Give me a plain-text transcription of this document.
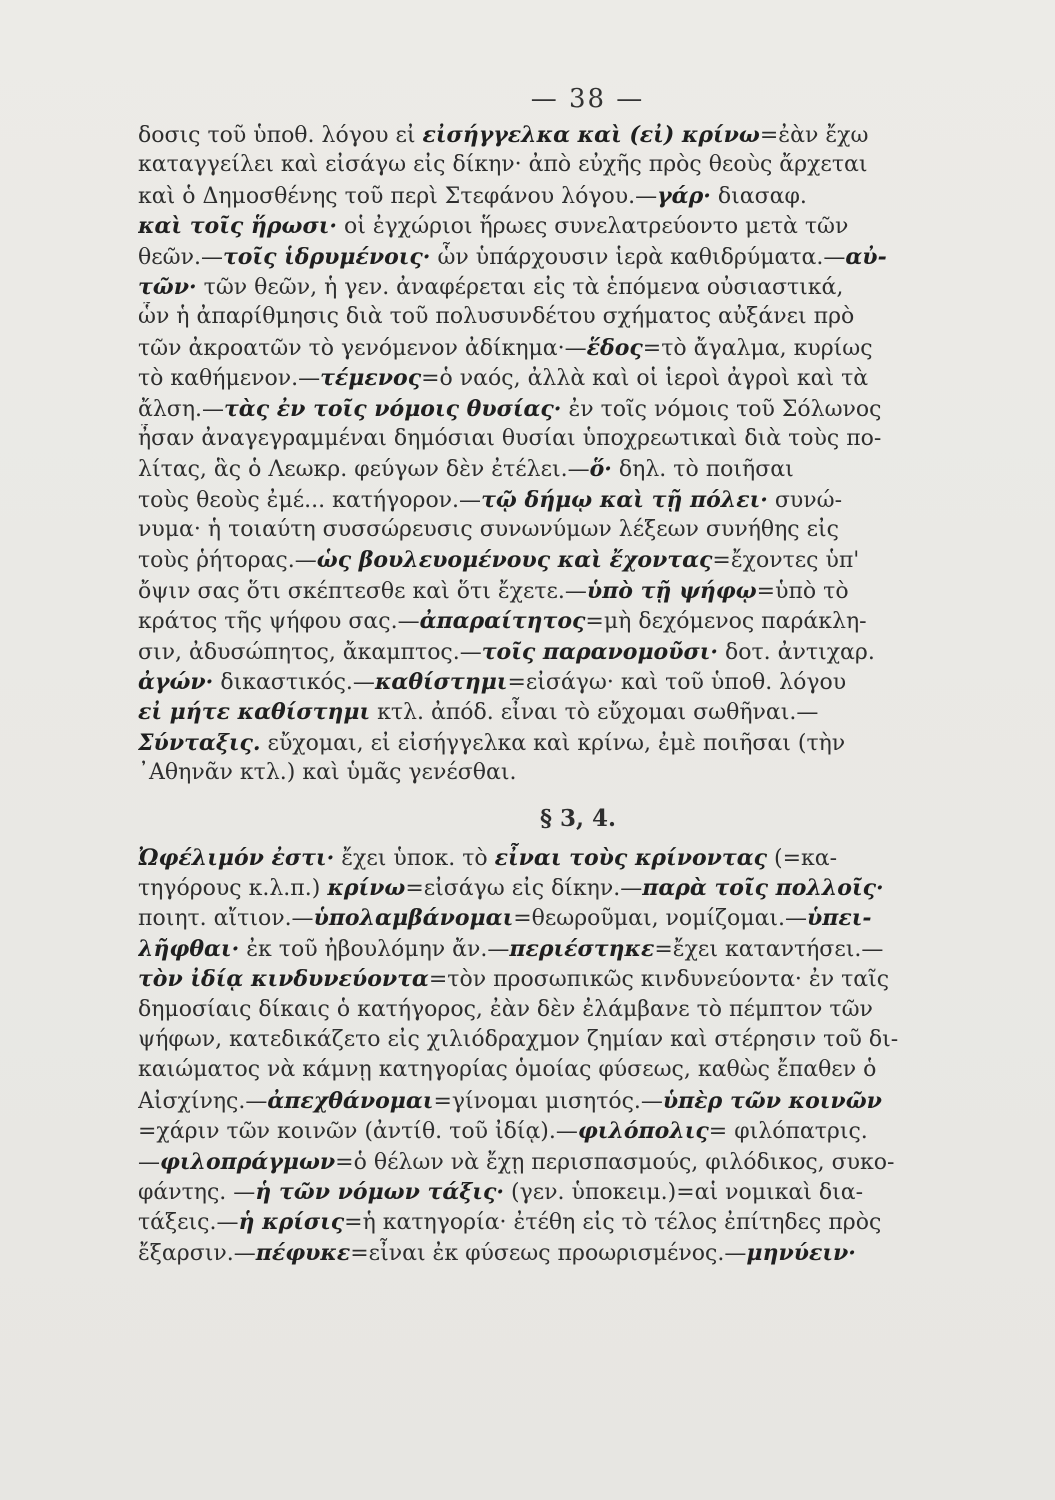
— 38 —
δοσις τοῦ ὑποθ. λόγου εἰ εἰσήγγελκα καὶ (εἰ) κρίνω=ἐὰν ἔχω
καταγγείλει καὶ εἰσάγω εἰς δίκην· ἀπὸ εὐχῆς πρὸς θεοὺς ἄρχεται
καὶ ὁ Δημοσθένης τοῦ περὶ Στεφάνου λόγου.—γάρ· διασαφ.
καὶ τοῖς ἥρωσι· οἱ ἐγχώριοι ἥρωες συνελατρεύοντο μετὰ τῶν
θεῶν.—τοῖς ἱδρυμένοις· ὧν ὑπάρχουσιν ἱερὰ καθιδρύματα.—αὐ-
τῶν· τῶν θεῶν, ἡ γεν. ἀναφέρεται εἰς τὰ ἑπόμενα οὐσιαστικά,
ὧν ἡ ἀπαρίθμησις διὰ τοῦ πολυσυνδέτου σχήματος αὐξάνει πρὸ
τῶν ἀκροατῶν τὸ γενόμενον ἀδίκημα·—ἕδος=τὸ ἄγαλμα, κυρίως
τὸ καθήμενον.—τέμενος=ὁ ναός, ἀλλὰ καὶ οἱ ἱεροὶ ἀγροὶ καὶ τὰ
ἄλση.—τὰς ἐν τοῖς νόμοις θυσίας· ἐν τοῖς νόμοις τοῦ Σόλωνος
ἦσαν ἀναγεγραμμέναι δημόσιαι θυσίαι ὑποχρεωτικαὶ διὰ τοὺς πο-
λίτας, ἃς ὁ Λεωκρ. φεύγων δὲν ἐτέλει.—ὅ· δηλ. τὸ ποιῆσαι
τοὺς θεοὺς ἐμέ... κατήγορον.—τῷ δήμῳ καὶ τῇ πόλει· συνώ-
νυμα· ἡ τοιαύτη συσσώρευσις συνωνύμων λέξεων συνήθης εἰς
τοὺς ῥήτορας.—ὡς βουλευομένους καὶ ἔχοντας=ἔχοντες ὑπ'
ὄψιν σας ὅτι σκέπτεσθε καὶ ὅτι ἔχετε.—ὑπὸ τῇ ψήφῳ=ὑπὸ τὸ
κράτος τῆς ψήφου σας.—ἀπαραίτητος=μὴ δεχόμενος παράκλη-
σιν, ἀδυσώπητος, ἄκαμπτος.—τοῖς παρανομοῦσι· δοτ. ἀντιχαρ.
ἀγών· δικαστικός.—καθίστημι=εἰσάγω· καὶ τοῦ ὑποθ. λόγου
εἰ μήτε καθίστημι κτλ. ἀπόδ. εἶναι τὸ εὔχομαι σωθῆναι.—
Σύνταξις. εὔχομαι, εἰ εἰσήγγελκα καὶ κρίνω, ἐμὲ ποιῆσαι (τὴν
᾿Αθηνᾶν κτλ.) καὶ ὑμᾶς γενέσθαι.
§ 3, 4.
Ὠφέλιμόν ἐστι· ἔχει ὑποκ. τὸ εἶναι τοὺς κρίνοντας (=κα-
τηγόρους κ.λ.π.) κρίνω=εἰσάγω εἰς δίκην.—παρὰ τοῖς πολλοῖς·
ποιητ. αἴτιον.—ὑπολαμβάνομαι=θεωροῦμαι, νομίζομαι.—ὑπει-
λῆφθαι· ἐκ τοῦ ἠβουλόμην ἄν.—περιέστηκε=ἔχει καταντήσει.—
τὸν ἰδίᾳ κινδυνεύοντα=τὸν προσωπικῶς κινδυνεύοντα· ἐν ταῖς
δημοσίαις δίκαις ὁ κατήγορος, ἐὰν δὲν ἐλάμβανε τὸ πέμπτον τῶν
ψήφων, κατεδικάζετο εἰς χιλιόδραχμον ζημίαν καὶ στέρησιν τοῦ δι-
καιώματος νὰ κάμνῃ κατηγορίας ὁμοίας φύσεως, καθὼς ἔπαθεν ὁ
Αἰσχίνης.—ἀπεχθάνομαι=γίνομαι μισητός.—ὑπὲρ τῶν κοινῶν
=χάριν τῶν κοινῶν (ἀντίθ. τοῦ ἰδίᾳ).—φιλόπολις= φιλόπατρις.
—φιλοπράγμων=ὁ θέλων νὰ ἔχῃ περισπασμούς, φιλόδικος, συκο-
φάντης. —ἡ τῶν νόμων τάξις· (γεν. ὑποκειμ.)=αἱ νομικαὶ δια-
τάξεις.—ἡ κρίσις=ἡ κατηγορία· ἐτέθη εἰς τὸ τέλος ἐπίτηδες πρὸς
ἔξαρσιν.—πέφυκε=εἶναι ἐκ φύσεως προωρισμένος.—μηνύειν·
